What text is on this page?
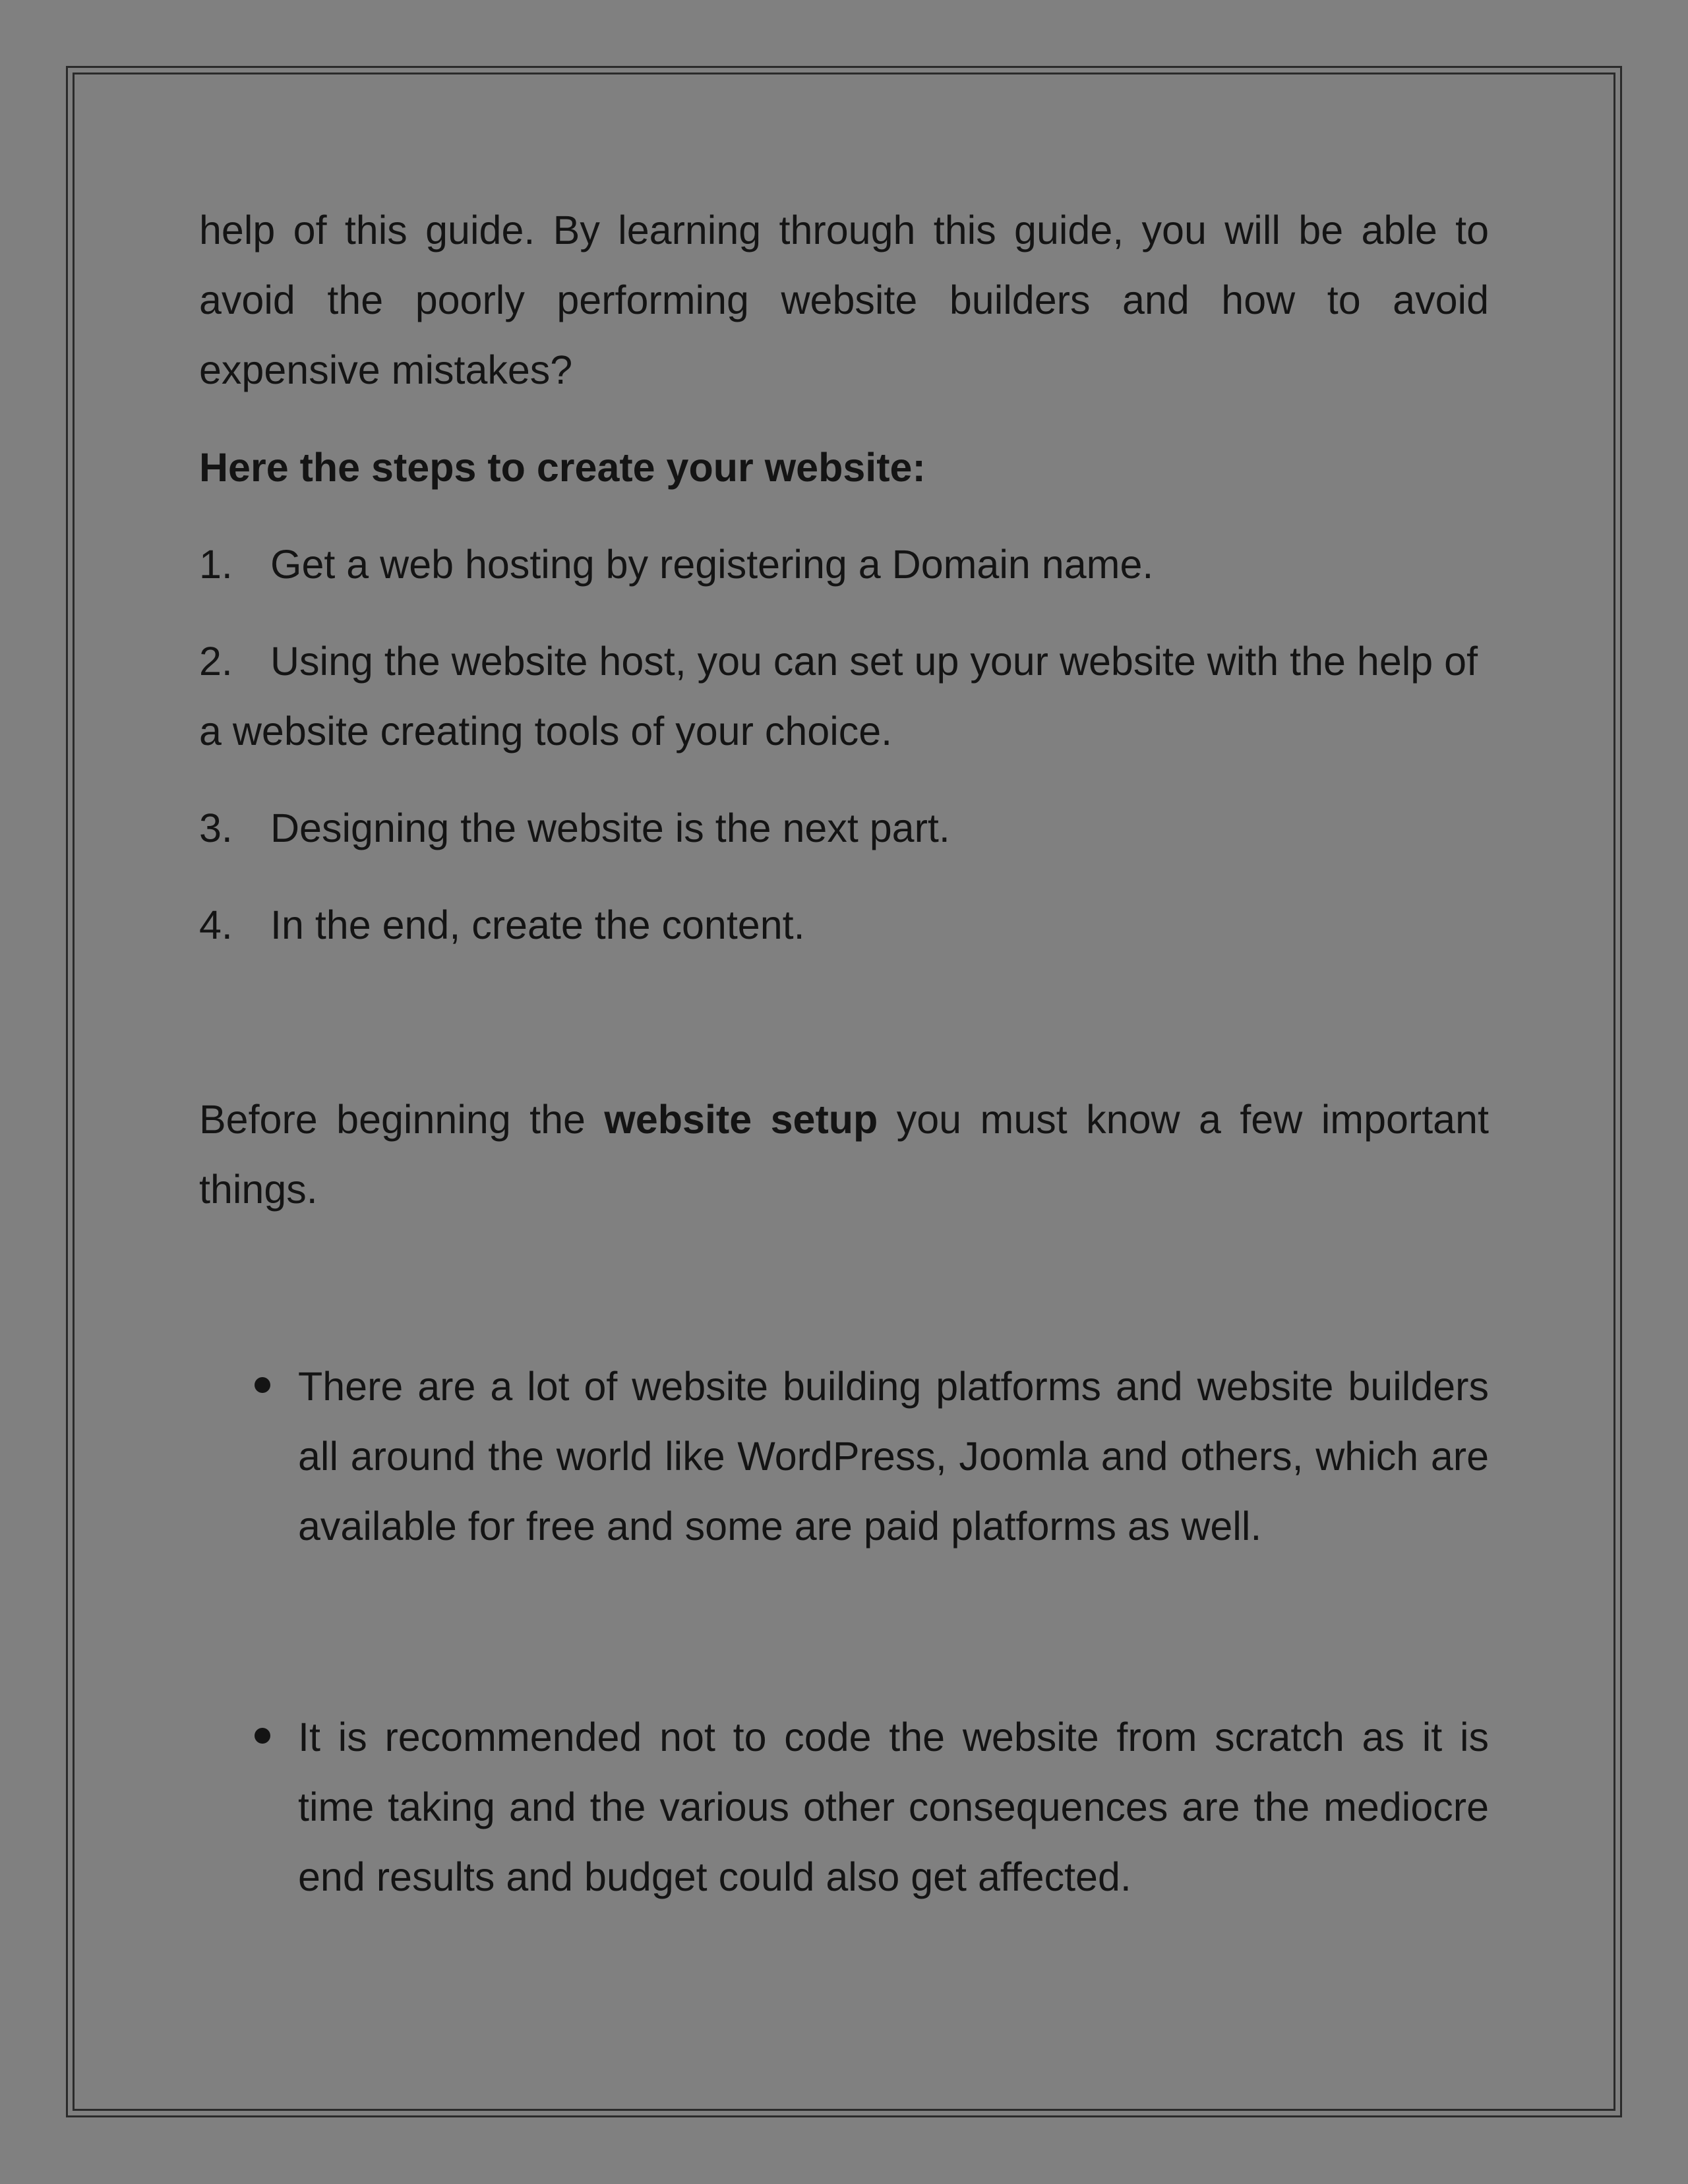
help of this guide. By learning through this guide, you will be able to avoid the poorly performing website builders and how to avoid expensive mistakes?

Here the steps to create your website:

1. Get a web hosting by registering a Domain name.

2. Using the website host, you can set up your website with the help of a website creating tools of your choice.

3. Designing the website is the next part.

4. In the end, create the content.

Before beginning the website setup you must know a few important things.

There are a lot of website building platforms and website builders all around the world like WordPress, Joomla and others, which are available for free and some are paid platforms as well.
It is recommended not to code the website from scratch as it is time taking and the various other consequences are the mediocre end results and budget could also get affected.
